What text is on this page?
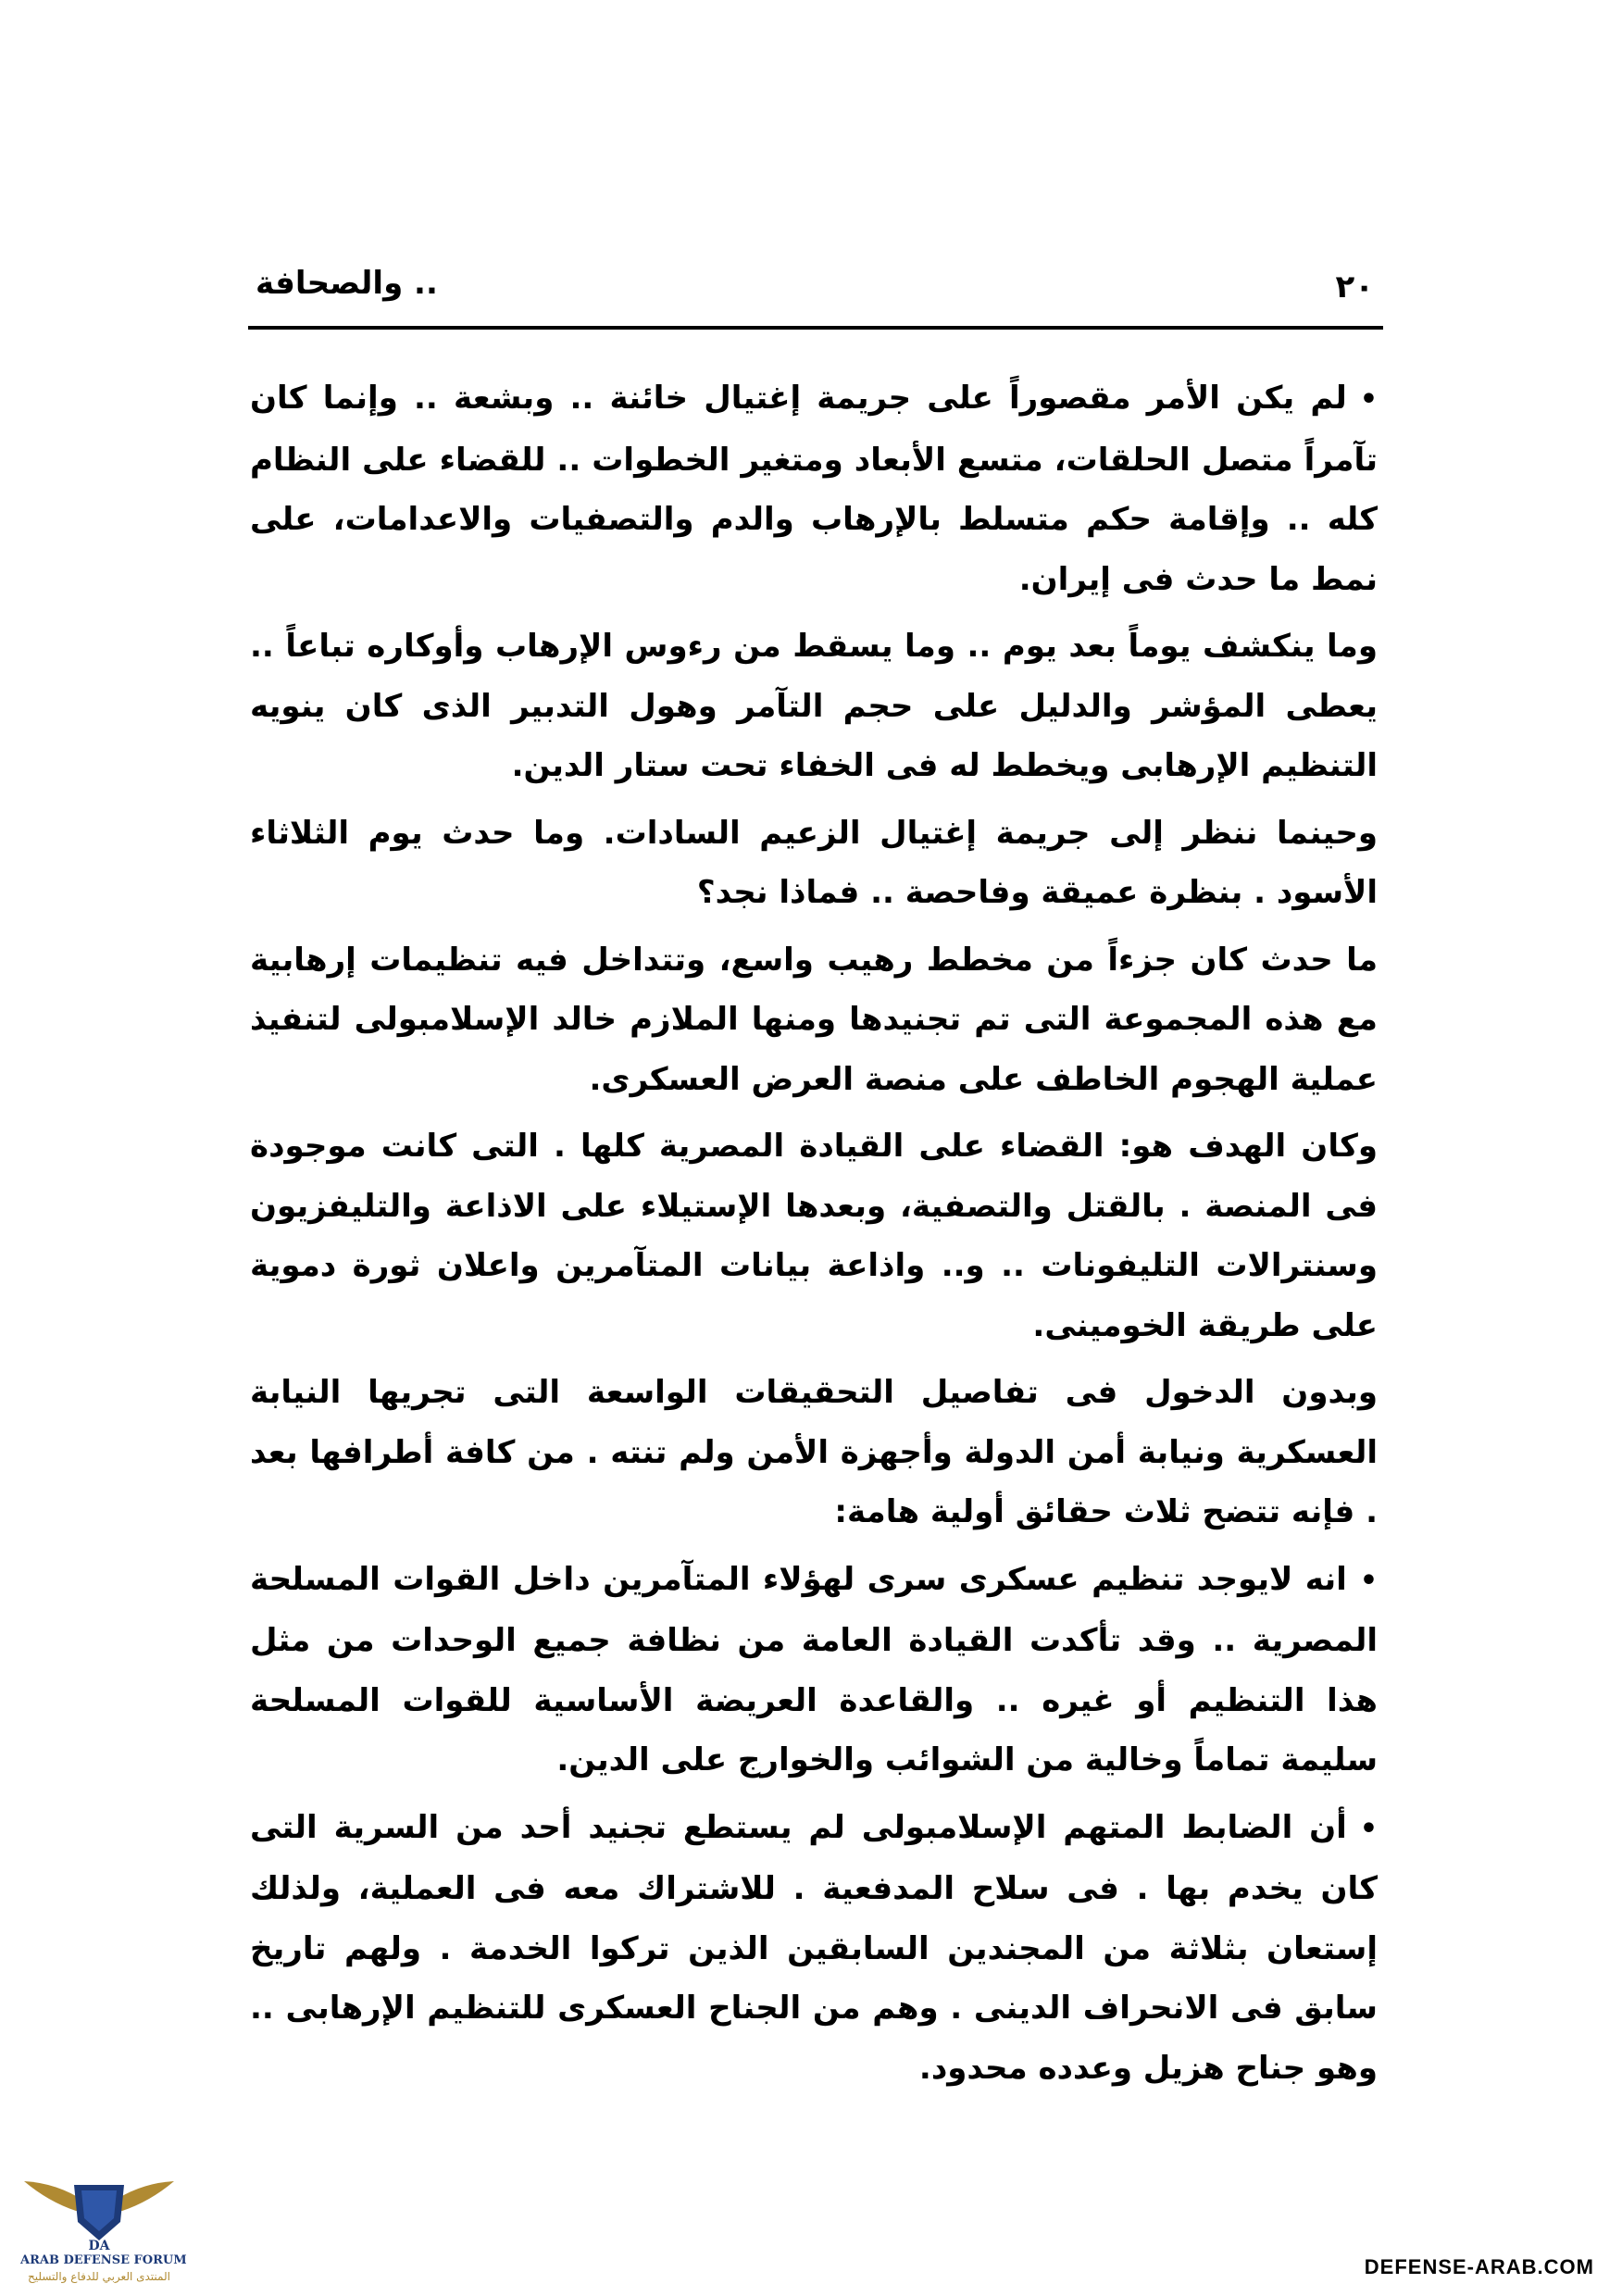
.. والصحافة	٢٠

•لم يكن الأمر مقصوراً على جريمة إغتيال خائنة .. وبشعة .. وإنما كان تآمراً متصل الحلقات، متسع الأبعاد ومتغير الخطوات .. للقضاء على النظام كله .. وإقامة حكم متسلط بالإرهاب والدم والتصفيات والاعدامات، على نمط ما حدث فى إيران.

وما ينكشف يوماً بعد يوم .. وما يسقط من رءوس الإرهاب وأوكاره تباعاً .. يعطى المؤشر والدليل على حجم التآمر وهول التدبير الذى كان ينويه التنظيم الإرهابى ويخطط له فى الخفاء تحت ستار الدين.

وحينما ننظر إلى جريمة إغتيال الزعيم السادات. وما حدث يوم الثلاثاء الأسود . بنظرة عميقة وفاحصة .. فماذا نجد؟

ما حدث كان جزءاً من مخطط رهيب واسع، وتتداخل فيه تنظيمات إرهابية مع هذه المجموعة التى تم تجنيدها ومنها الملازم خالد الإسلامبولى لتنفيذ عملية الهجوم الخاطف على منصة العرض العسكرى.

وكان الهدف هو: القضاء على القيادة المصرية كلها . التى كانت موجودة فى المنصة . بالقتل والتصفية، وبعدها الإستيلاء على الاذاعة والتليفزيون وسنترالات التليفونات .. و.. واذاعة بيانات المتآمرين واعلان ثورة دموية على طريقة الخومينى.

وبدون الدخول فى تفاصيل التحقيقات الواسعة التى تجريها النيابة العسكرية ونيابة أمن الدولة وأجهزة الأمن ولم تنته . من كافة أطرافها بعد . فإنه تتضح ثلاث حقائق أولية هامة:

•انه لايوجد تنظيم عسكرى سرى لهؤلاء المتآمرين داخل القوات المسلحة المصرية .. وقد تأكدت القيادة العامة من نظافة جميع الوحدات من مثل هذا التنظيم أو غيره .. والقاعدة العريضة الأساسية للقوات المسلحة سليمة تماماً وخالية من الشوائب والخوارج على الدين.

•أن الضابط المتهم الإسلامبولى لم يستطع تجنيد أحد من السرية التى كان يخدم بها . فى سلاح المدفعية . للاشتراك معه فى العملية، ولذلك إستعان بثلاثة من المجندين السابقين الذين تركوا الخدمة . ولهم تاريخ سابق فى الانحراف الدينى . وهم من الجناح العسكرى للتنظيم الإرهابى .. وهو جناح هزيل وعدده محدود.

DA
ARAB DEFENSE FORUM
المنتدى العربي للدفاع والتسليح	DEFENSE-ARAB.COM
